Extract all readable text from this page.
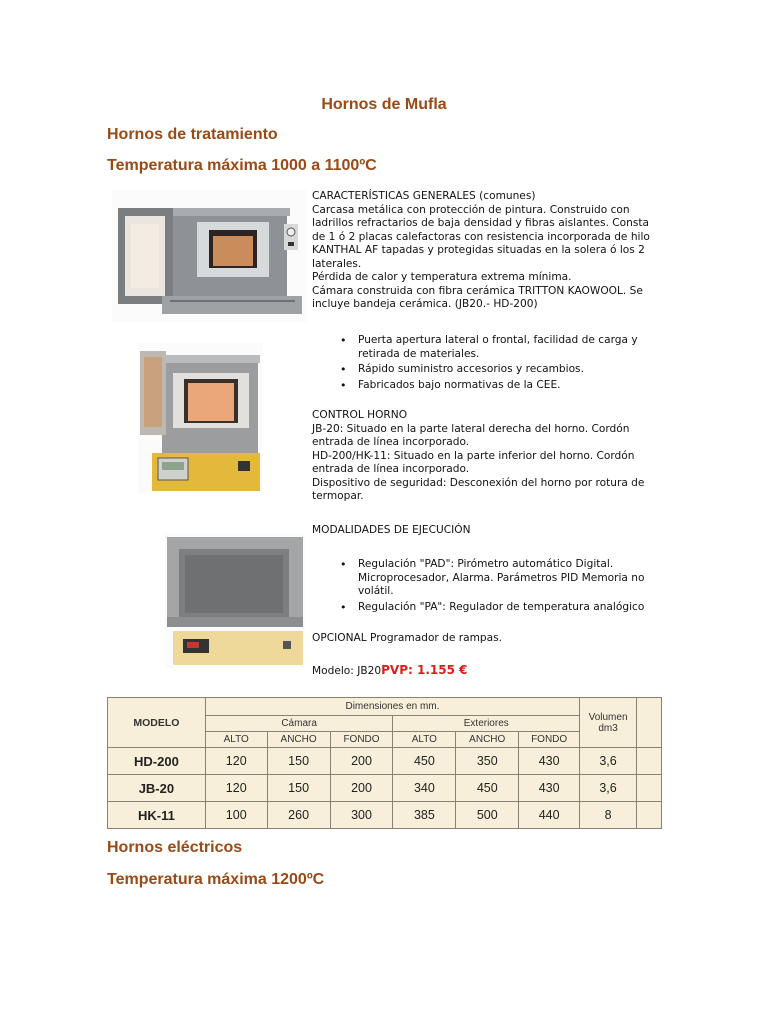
Hornos de Mufla
Hornos de tratamiento
Temperatura máxima 1000 a 1100ºC

CARACTERÍSTICAS GENERALES (comunes)

Carcasa metálica con protección de pintura. Construido con

ladrillos refractarios de baja densidad y fibras aislantes. Consta

de 1 ó 2 placas calefactoras con resistencia incorporada de hilo

KANTHAL AF tapadas y protegidas situadas en la solera ó los 2

laterales.

Pérdida de calor y temperatura extrema mínima.

Cámara construida con fibra cerámica TRITTON KAOWOOL. Se

incluye bandeja cerámica. (JB20.- HD-200)

• Puerta apertura lateral o frontal, facilidad de carga y
retirada de materiales.
• Rápido suministro accesorios y recambios.
• Fabricados bajo normativas de la CEE.

CONTROL HORNO

JB-20: Situado en la parte lateral derecha del horno. Cordón

entrada de línea incorporado.

HD-200/HK-11: Situado en la parte inferior del horno. Cordón

entrada de línea incorporado.

Dispositivo de seguridad: Desconexión del horno por rotura de

termopar.

MODALIDADES DE EJECUCIÓN

• Regulación "PAD": Pirómetro automático Digital.
Microprocesador, Alarma. Parámetros PID Memoria no
volátil.
• Regulación "PA": Regulador de temperatura analógico

OPCIONAL Programador de rampas.

Modelo: JB20PVP: 1.155 €

MODELO	Dimensiones en mm.						Volumen
dm3	
	Cámara			Exteriores				
	ALTO	ANCHO	FONDO	ALTO	ANCHO	FONDO		
HD-200	120	150	200	450	350	430	3,6	
JB-20	120	150	200	340	450	430	3,6	
HK-11	100	260	300	385	500	440	8	
Hornos eléctricos
Temperatura máxima 1200ºC
